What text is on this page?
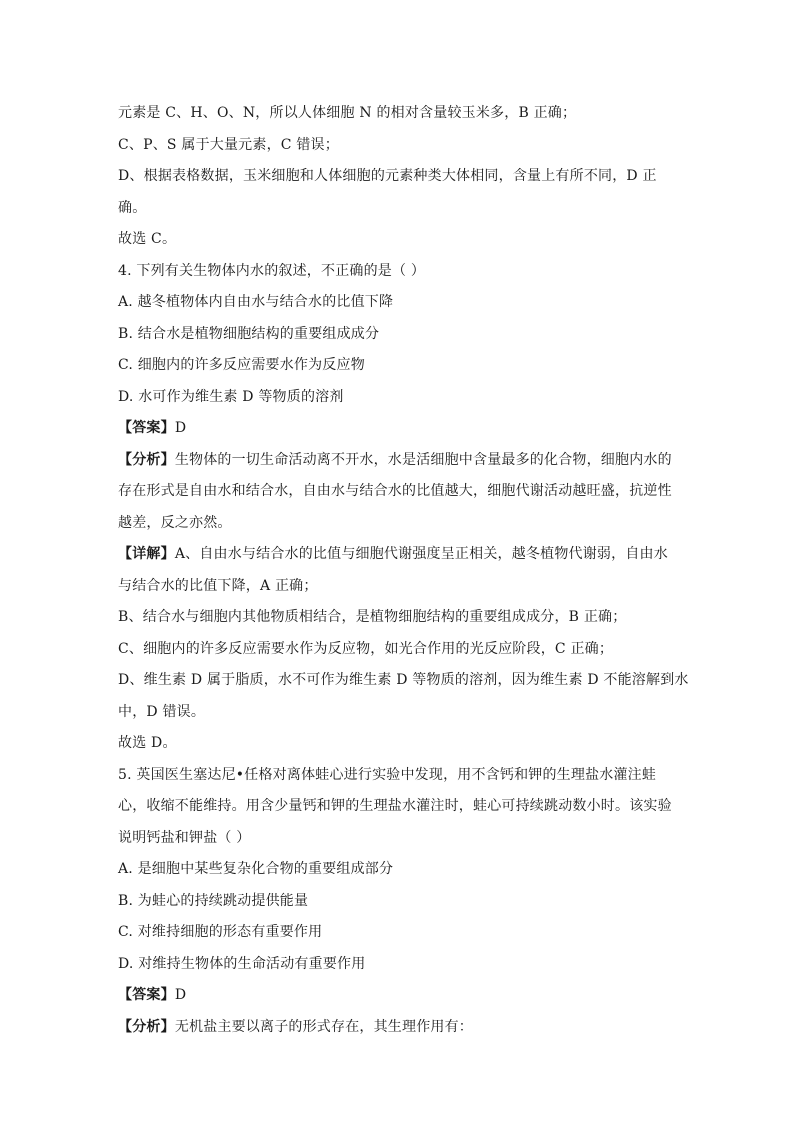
元素是 C、H、O、N，所以人体细胞 N 的相对含量较玉米多，B 正确；
C、P、S 属于大量元素，C 错误；
D、根据表格数据，玉米细胞和人体细胞的元素种类大体相同，含量上有所不同，D 正
确。
故选 C。
4. 下列有关生物体内水的叙述，不正确的是（ ）
A. 越冬植物体内自由水与结合水的比值下降
B. 结合水是植物细胞结构的重要组成成分
C. 细胞内的许多反应需要水作为反应物
D. 水可作为维生素 D 等物质的溶剂
【答案】D
【分析】生物体的一切生命活动离不开水，水是活细胞中含量最多的化合物，细胞内水的
存在形式是自由水和结合水，自由水与结合水的比值越大，细胞代谢活动越旺盛，抗逆性
越差，反之亦然。
【详解】A、自由水与结合水的比值与细胞代谢强度呈正相关，越冬植物代谢弱，自由水
与结合水的比值下降，A 正确；
B、结合水与细胞内其他物质相结合，是植物细胞结构的重要组成成分，B 正确；
C、细胞内的许多反应需要水作为反应物，如光合作用的光反应阶段，C 正确；
D、维生素 D 属于脂质，水不可作为维生素 D 等物质的溶剂，因为维生素 D 不能溶解到水
中，D 错误。
故选 D。
5. 英国医生塞达尼•任格对离体蛙心进行实验中发现，用不含钙和钾的生理盐水灌注蛙
心，收缩不能维持。用含少量钙和钾的生理盐水灌注时，蛙心可持续跳动数小时。该实验
说明钙盐和钾盐（ ）
A. 是细胞中某些复杂化合物的重要组成部分
B. 为蛙心的持续跳动提供能量
C. 对维持细胞的形态有重要作用
D. 对维持生物体的生命活动有重要作用
【答案】D
【分析】无机盐主要以离子的形式存在，其生理作用有：
